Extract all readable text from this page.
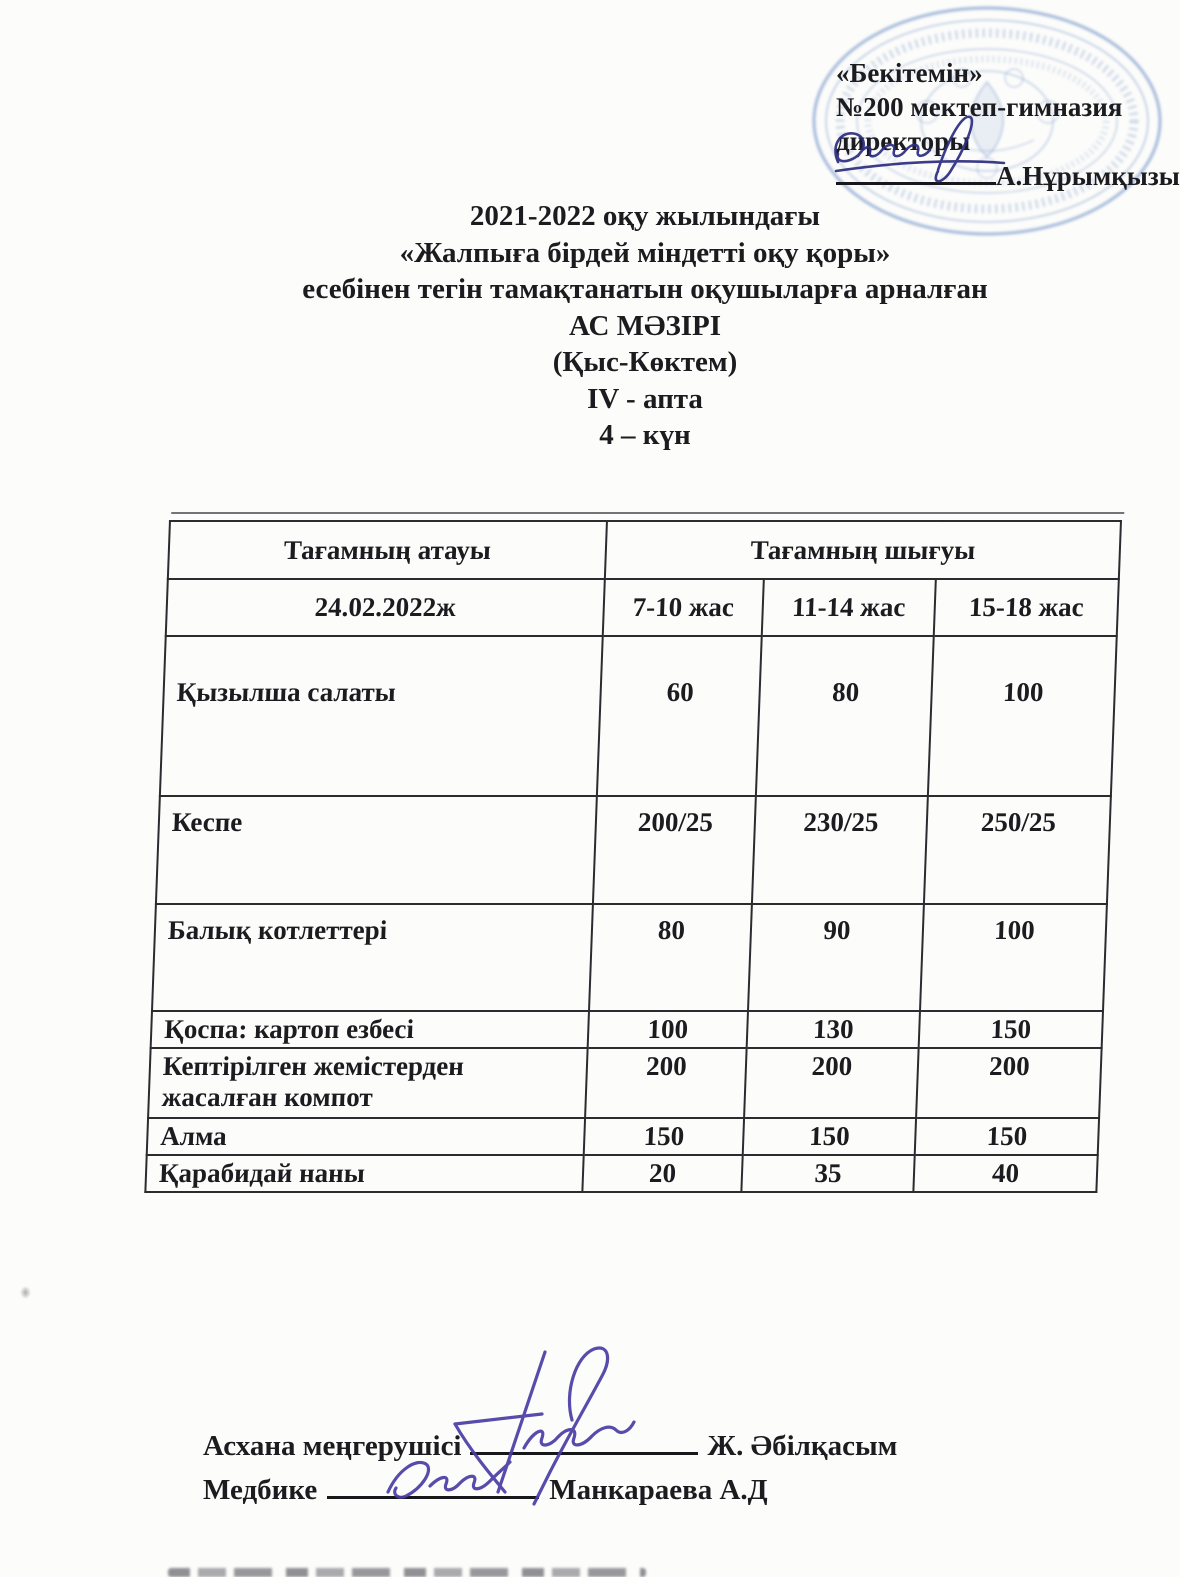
«Бекітемін»
№200 мектеп-гимназия
директоры
А.Нұрымқызы
2021-2022 оқу жылындағы
«Жалпыға бірдей міндетті оқу қоры»
есебінен тегін тамақтанатын оқушыларға арналған
АС МӘЗІРІ
(Қыс-Көктем)
IV - апта
4 – күн
Тағамның атауы	Тағамның шығуы		
24.02.2022ж	7-10 жас	11-14 жас	15-18 жас
Қызылша салаты	60	80	100
Кеспе	200/25	230/25	250/25
Балық котлеттері	80	90	100
Қоспа: картоп езбесі	100	130	150
Кептірілген жемістерден жасалған компот	200	200	200
Алма	150	150	150
Қарабидай наны	20	35	40
Асхана меңгерушісі	Ж. Әбілқасым
Медбике	Манкараева А.Д
